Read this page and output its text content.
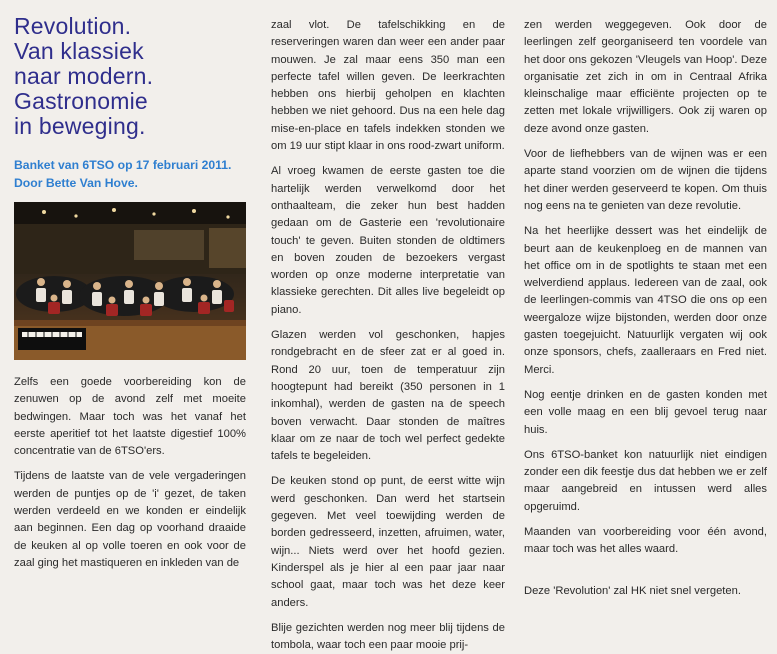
Revolution.
Van klassiek
naar modern.
Gastronomie
in beweging.
Banket van 6TSO op 17 februari 2011.
Door Bette Van Hove.

Zelfs een goede voorbereiding kon de zenuwen op de avond zelf met moeite bedwingen. Maar toch was het vanaf het eerste aperitief tot het laatste digestief 100% concentratie van de 6TSO'ers.

Tijdens de laatste van de vele vergaderingen werden de puntjes op de 'i' gezet, de taken werden verdeeld en we konden er eindelijk aan beginnen. Een dag op voorhand draaide de keuken al op volle toeren en ook voor de zaal ging het mastiqueren en inkleden van de

zaal vlot. De tafelschikking en de reserveringen waren dan weer een ander paar mouwen. Je zal maar eens 350 man een perfecte tafel willen geven. De leerkrachten hebben ons hierbij geholpen en klachten hebben we niet gehoord. Dus na een hele dag mise-en-place en tafels indekken stonden we om 19 uur stipt klaar in ons rood-zwart uniform.

Al vroeg kwamen de eerste gasten toe die hartelijk werden verwelkomd door het onthaalteam, die zeker hun best hadden gedaan om de Gasterie een 'revolutionaire touch' te geven. Buiten stonden de oldtimers en boven zouden de bezoekers vergast worden op onze moderne interpretatie van klassieke gerechten. Dit alles live begeleidt op piano.

Glazen werden vol geschonken, hapjes rondgebracht en de sfeer zat er al goed in. Rond 20 uur, toen de temperatuur zijn hoogtepunt had bereikt (350 personen in 1 inkomhal), werden de gasten na de speech boven verwacht. Daar stonden de maîtres klaar om ze naar de toch wel perfect gedekte tafels te begeleiden.

De keuken stond op punt, de eerst witte wijn werd geschonken. Dan werd het startsein gegeven. Met veel toewijding werden de borden gedresseerd, inzetten, afruimen, water, wijn... Niets werd over het hoofd gezien. Kinderspel als je hier al een paar jaar naar school gaat, maar toch was het deze keer anders.

Blije gezichten werden nog meer blij tijdens de tombola, waar toch een paar mooie prij-

zen werden weggegeven. Ook door de leerlingen zelf georganiseerd ten voordele van het door ons gekozen 'Vleugels van Hoop'. Deze organisatie zet zich in om in Centraal Afrika kleinschalige maar efficiënte projecten op te zetten met lokale vrijwilligers. Ook zij waren op deze avond onze gasten.

Voor de liefhebbers van de wijnen was er een aparte stand voorzien om de wijnen die tijdens het diner werden geserveerd te kopen. Om thuis nog eens na te genieten van deze revolutie.

Na het heerlijke dessert was het eindelijk de beurt aan de keukenploeg en de mannen van het office om in de spotlights te staan met een welverdiend applaus. Iedereen van de zaal, ook de leerlingen-commis van 4TSO die ons op een weergaloze wijze bijstonden, werden door onze gasten toegejuicht. Natuurlijk vergaten wij ook onze sponsors, chefs, zaalleraars en Fred niet. Merci.

Nog eentje drinken en de gasten konden met een volle maag en een blij gevoel terug naar huis.

Ons 6TSO-banket kon natuurlijk niet eindigen zonder een dik feestje dus dat hebben we er zelf maar aangebreid en intussen werd alles opgeruimd.

Maanden van voorbereiding voor één avond, maar toch was het alles waard.

Deze 'Revolution' zal HK niet snel vergeten.
